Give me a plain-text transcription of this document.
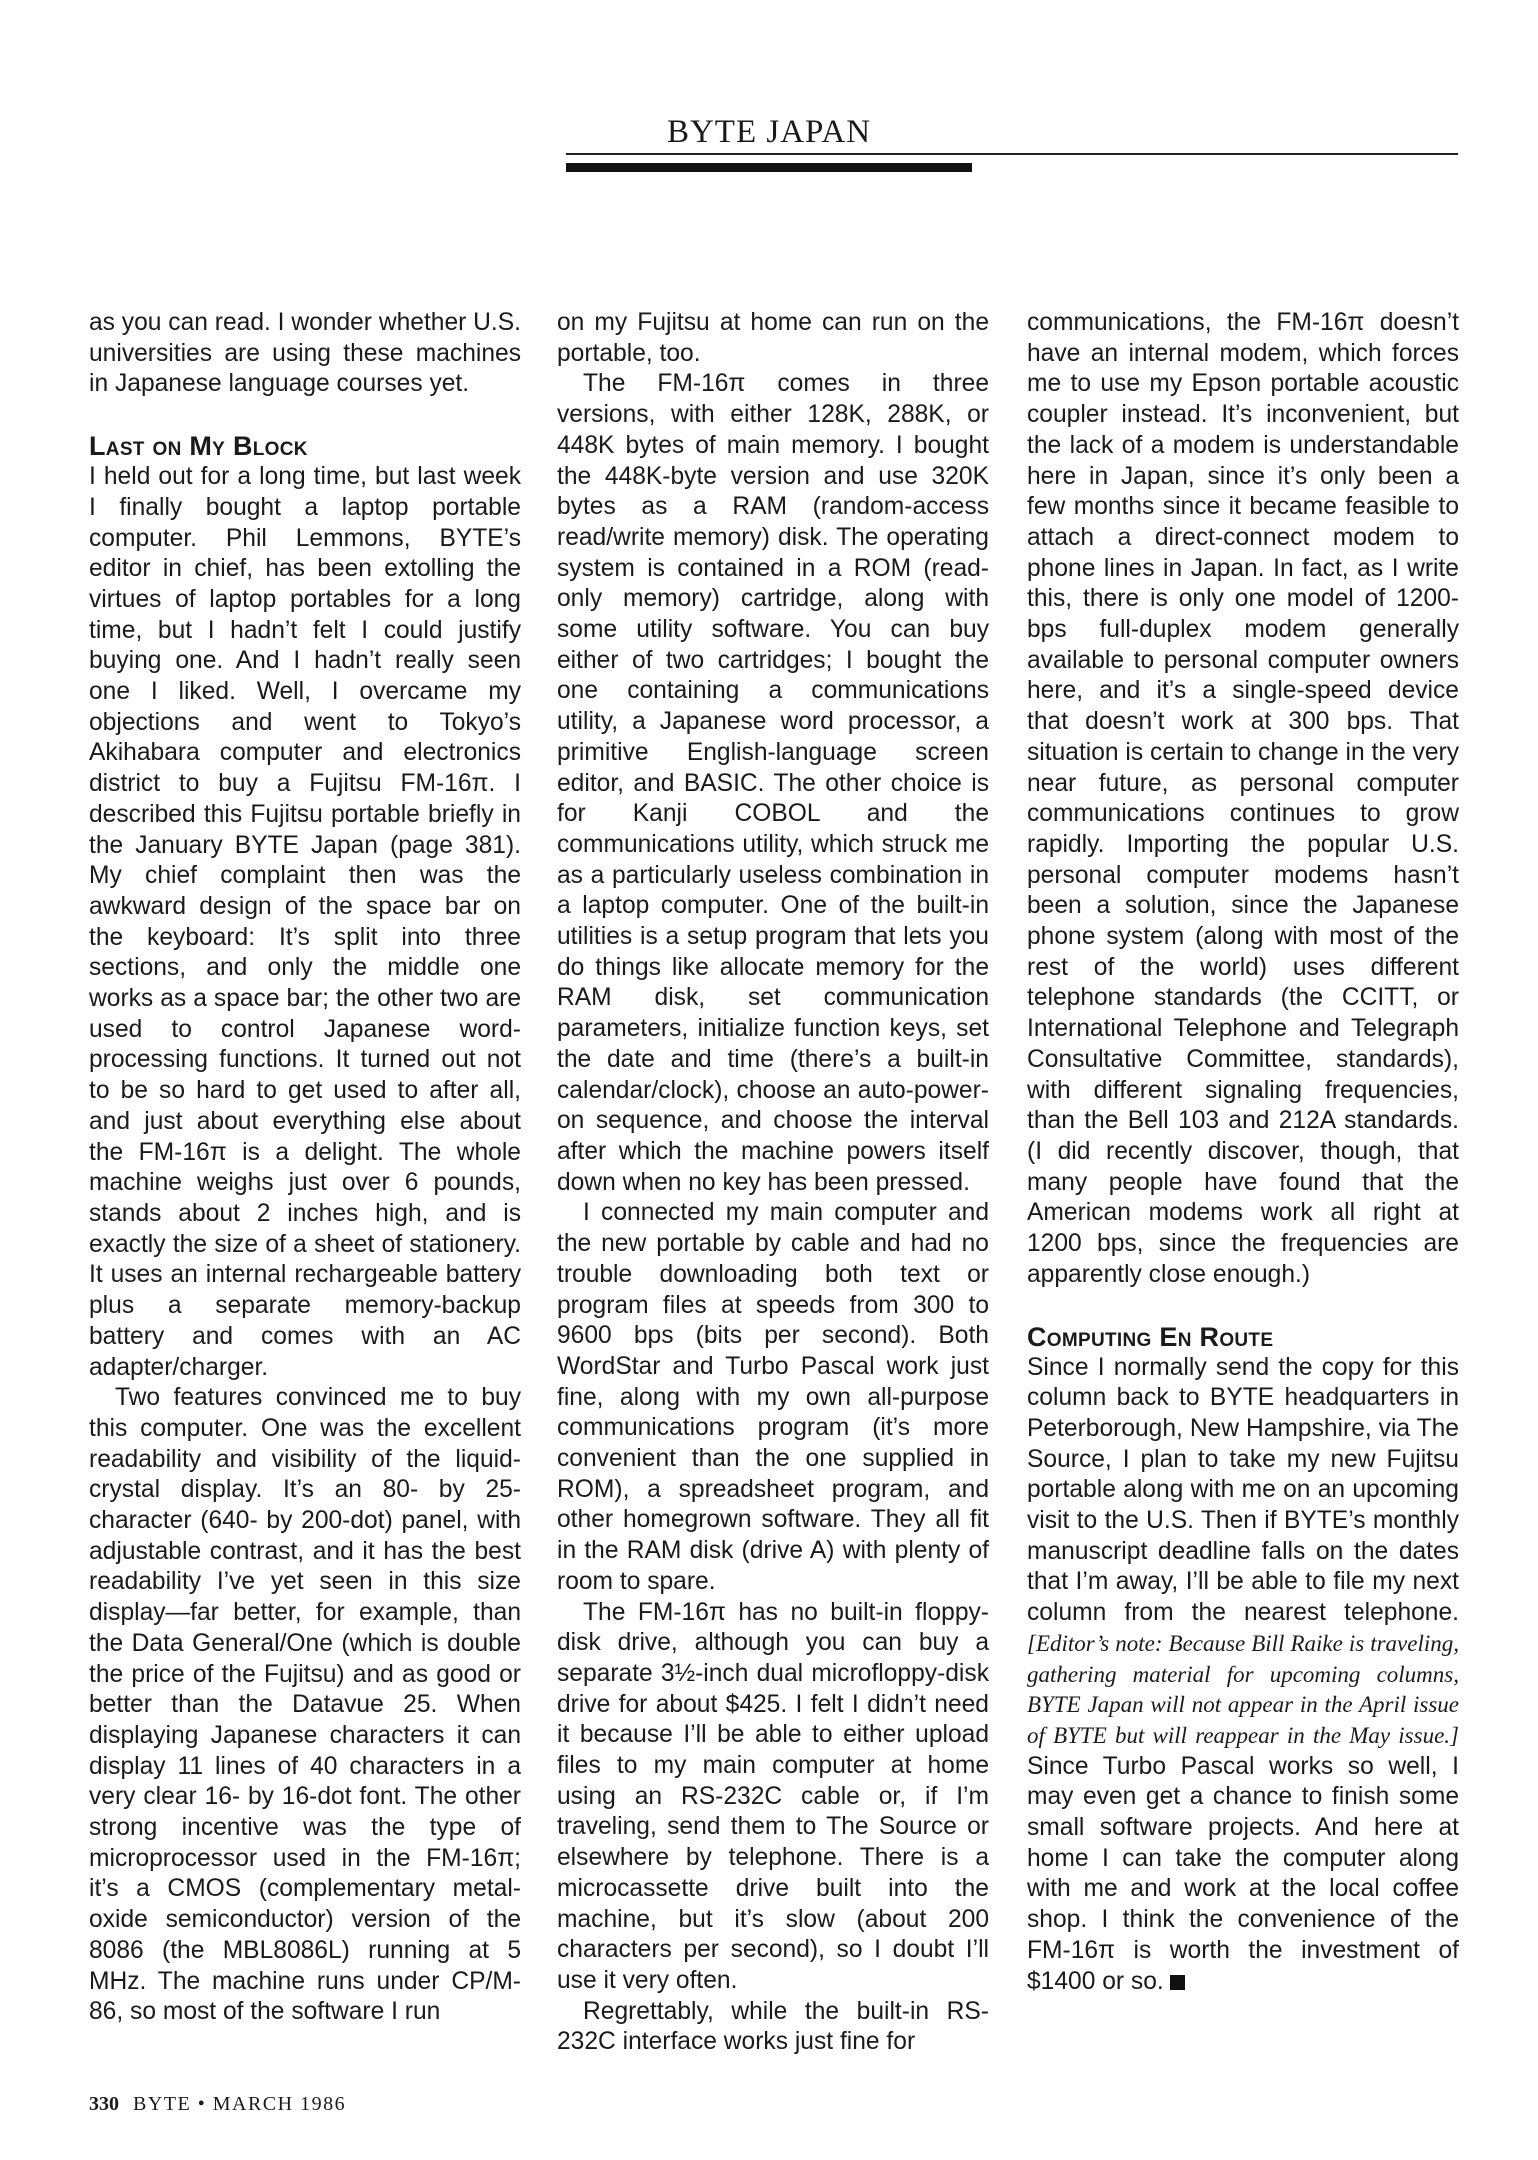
BYTE JAPAN

as you can read. I wonder whether U.S. universities are using these machines in Japanese language courses yet.

Last on My Block

I held out for a long time, but last week I finally bought a laptop portable computer. Phil Lemmons, BYTE’s editor in chief, has been extolling the virtues of laptop portables for a long time, but I hadn’t felt I could justify buying one. And I hadn’t really seen one I liked. Well, I overcame my objections and went to Tokyo’s Akihabara computer and electronics district to buy a Fujitsu FM-16π. I described this Fujitsu portable briefly in the January BYTE Japan (page 381). My chief complaint then was the awkward design of the space bar on the keyboard: It’s split into three sections, and only the middle one works as a space bar; the other two are used to control Japanese word-processing functions. It turned out not to be so hard to get used to after all, and just about everything else about the FM-16π is a delight. The whole machine weighs just over 6 pounds, stands about 2 inches high, and is exactly the size of a sheet of stationery. It uses an internal rechargeable battery plus a separate memory-backup battery and comes with an AC adapter/charger.

Two features convinced me to buy this computer. One was the excellent readability and visibility of the liquid-crystal display. It’s an 80- by 25-character (640- by 200-dot) panel, with adjustable contrast, and it has the best readability I’ve yet seen in this size display—far better, for example, than the Data General/One (which is double the price of the Fujitsu) and as good or better than the Datavue 25. When displaying Japanese characters it can display 11 lines of 40 characters in a very clear 16- by 16-dot font. The other strong incentive was the type of microprocessor used in the FM-16π; it’s a CMOS (complementary metal-oxide semiconductor) version of the 8086 (the MBL8086L) running at 5 MHz. The machine runs under CP/M-86, so most of the software I run

on my Fujitsu at home can run on the portable, too.

The FM-16π comes in three versions, with either 128K, 288K, or 448K bytes of main memory. I bought the 448K-byte version and use 320K bytes as a RAM (random-access read/write memory) disk. The operating system is contained in a ROM (read-only memory) cartridge, along with some utility software. You can buy either of two cartridges; I bought the one containing a communications utility, a Japanese word processor, a primitive English-language screen editor, and BASIC. The other choice is for Kanji COBOL and the communications utility, which struck me as a particularly useless combination in a laptop computer. One of the built-in utilities is a setup program that lets you do things like allocate memory for the RAM disk, set communication parameters, initialize function keys, set the date and time (there’s a built-in calendar/clock), choose an auto-power-on sequence, and choose the interval after which the machine powers itself down when no key has been pressed.

I connected my main computer and the new portable by cable and had no trouble downloading both text or program files at speeds from 300 to 9600 bps (bits per second). Both WordStar and Turbo Pascal work just fine, along with my own all-purpose communications program (it’s more convenient than the one supplied in ROM), a spreadsheet program, and other homegrown software. They all fit in the RAM disk (drive A) with plenty of room to spare.

The FM-16π has no built-in floppy-disk drive, although you can buy a separate 3½-inch dual microfloppy-disk drive for about $425. I felt I didn’t need it because I’ll be able to either upload files to my main computer at home using an RS-232C cable or, if I’m traveling, send them to The Source or elsewhere by telephone. There is a microcassette drive built into the machine, but it’s slow (about 200 characters per second), so I doubt I’ll use it very often.

Regrettably, while the built-in RS-232C interface works just fine for

communications, the FM-16π doesn’t have an internal modem, which forces me to use my Epson portable acoustic coupler instead. It’s inconvenient, but the lack of a modem is understandable here in Japan, since it’s only been a few months since it became feasible to attach a direct-connect modem to phone lines in Japan. In fact, as I write this, there is only one model of 1200-bps full-duplex modem generally available to personal computer owners here, and it’s a single-speed device that doesn’t work at 300 bps. That situation is certain to change in the very near future, as personal computer communications continues to grow rapidly. Importing the popular U.S. personal computer modems hasn’t been a solution, since the Japanese phone system (along with most of the rest of the world) uses different telephone standards (the CCITT, or International Telephone and Telegraph Consultative Committee, standards), with different signaling frequencies, than the Bell 103 and 212A standards. (I did recently discover, though, that many people have found that the American modems work all right at 1200 bps, since the frequencies are apparently close enough.)

Computing En Route

Since I normally send the copy for this column back to BYTE headquarters in Peterborough, New Hampshire, via The Source, I plan to take my new Fujitsu portable along with me on an upcoming visit to the U.S. Then if BYTE’s monthly manuscript deadline falls on the dates that I’m away, I’ll be able to file my next column from the nearest telephone. [Editor’s note: Because Bill Raike is traveling, gathering material for upcoming columns, BYTE Japan will not appear in the April issue of BYTE but will reappear in the May issue.] Since Turbo Pascal works so well, I may even get a chance to finish some small software projects. And here at home I can take the computer along with me and work at the local coffee shop. I think the convenience of the FM-16π is worth the investment of $1400 or so.

330 BYTE • MARCH 1986
